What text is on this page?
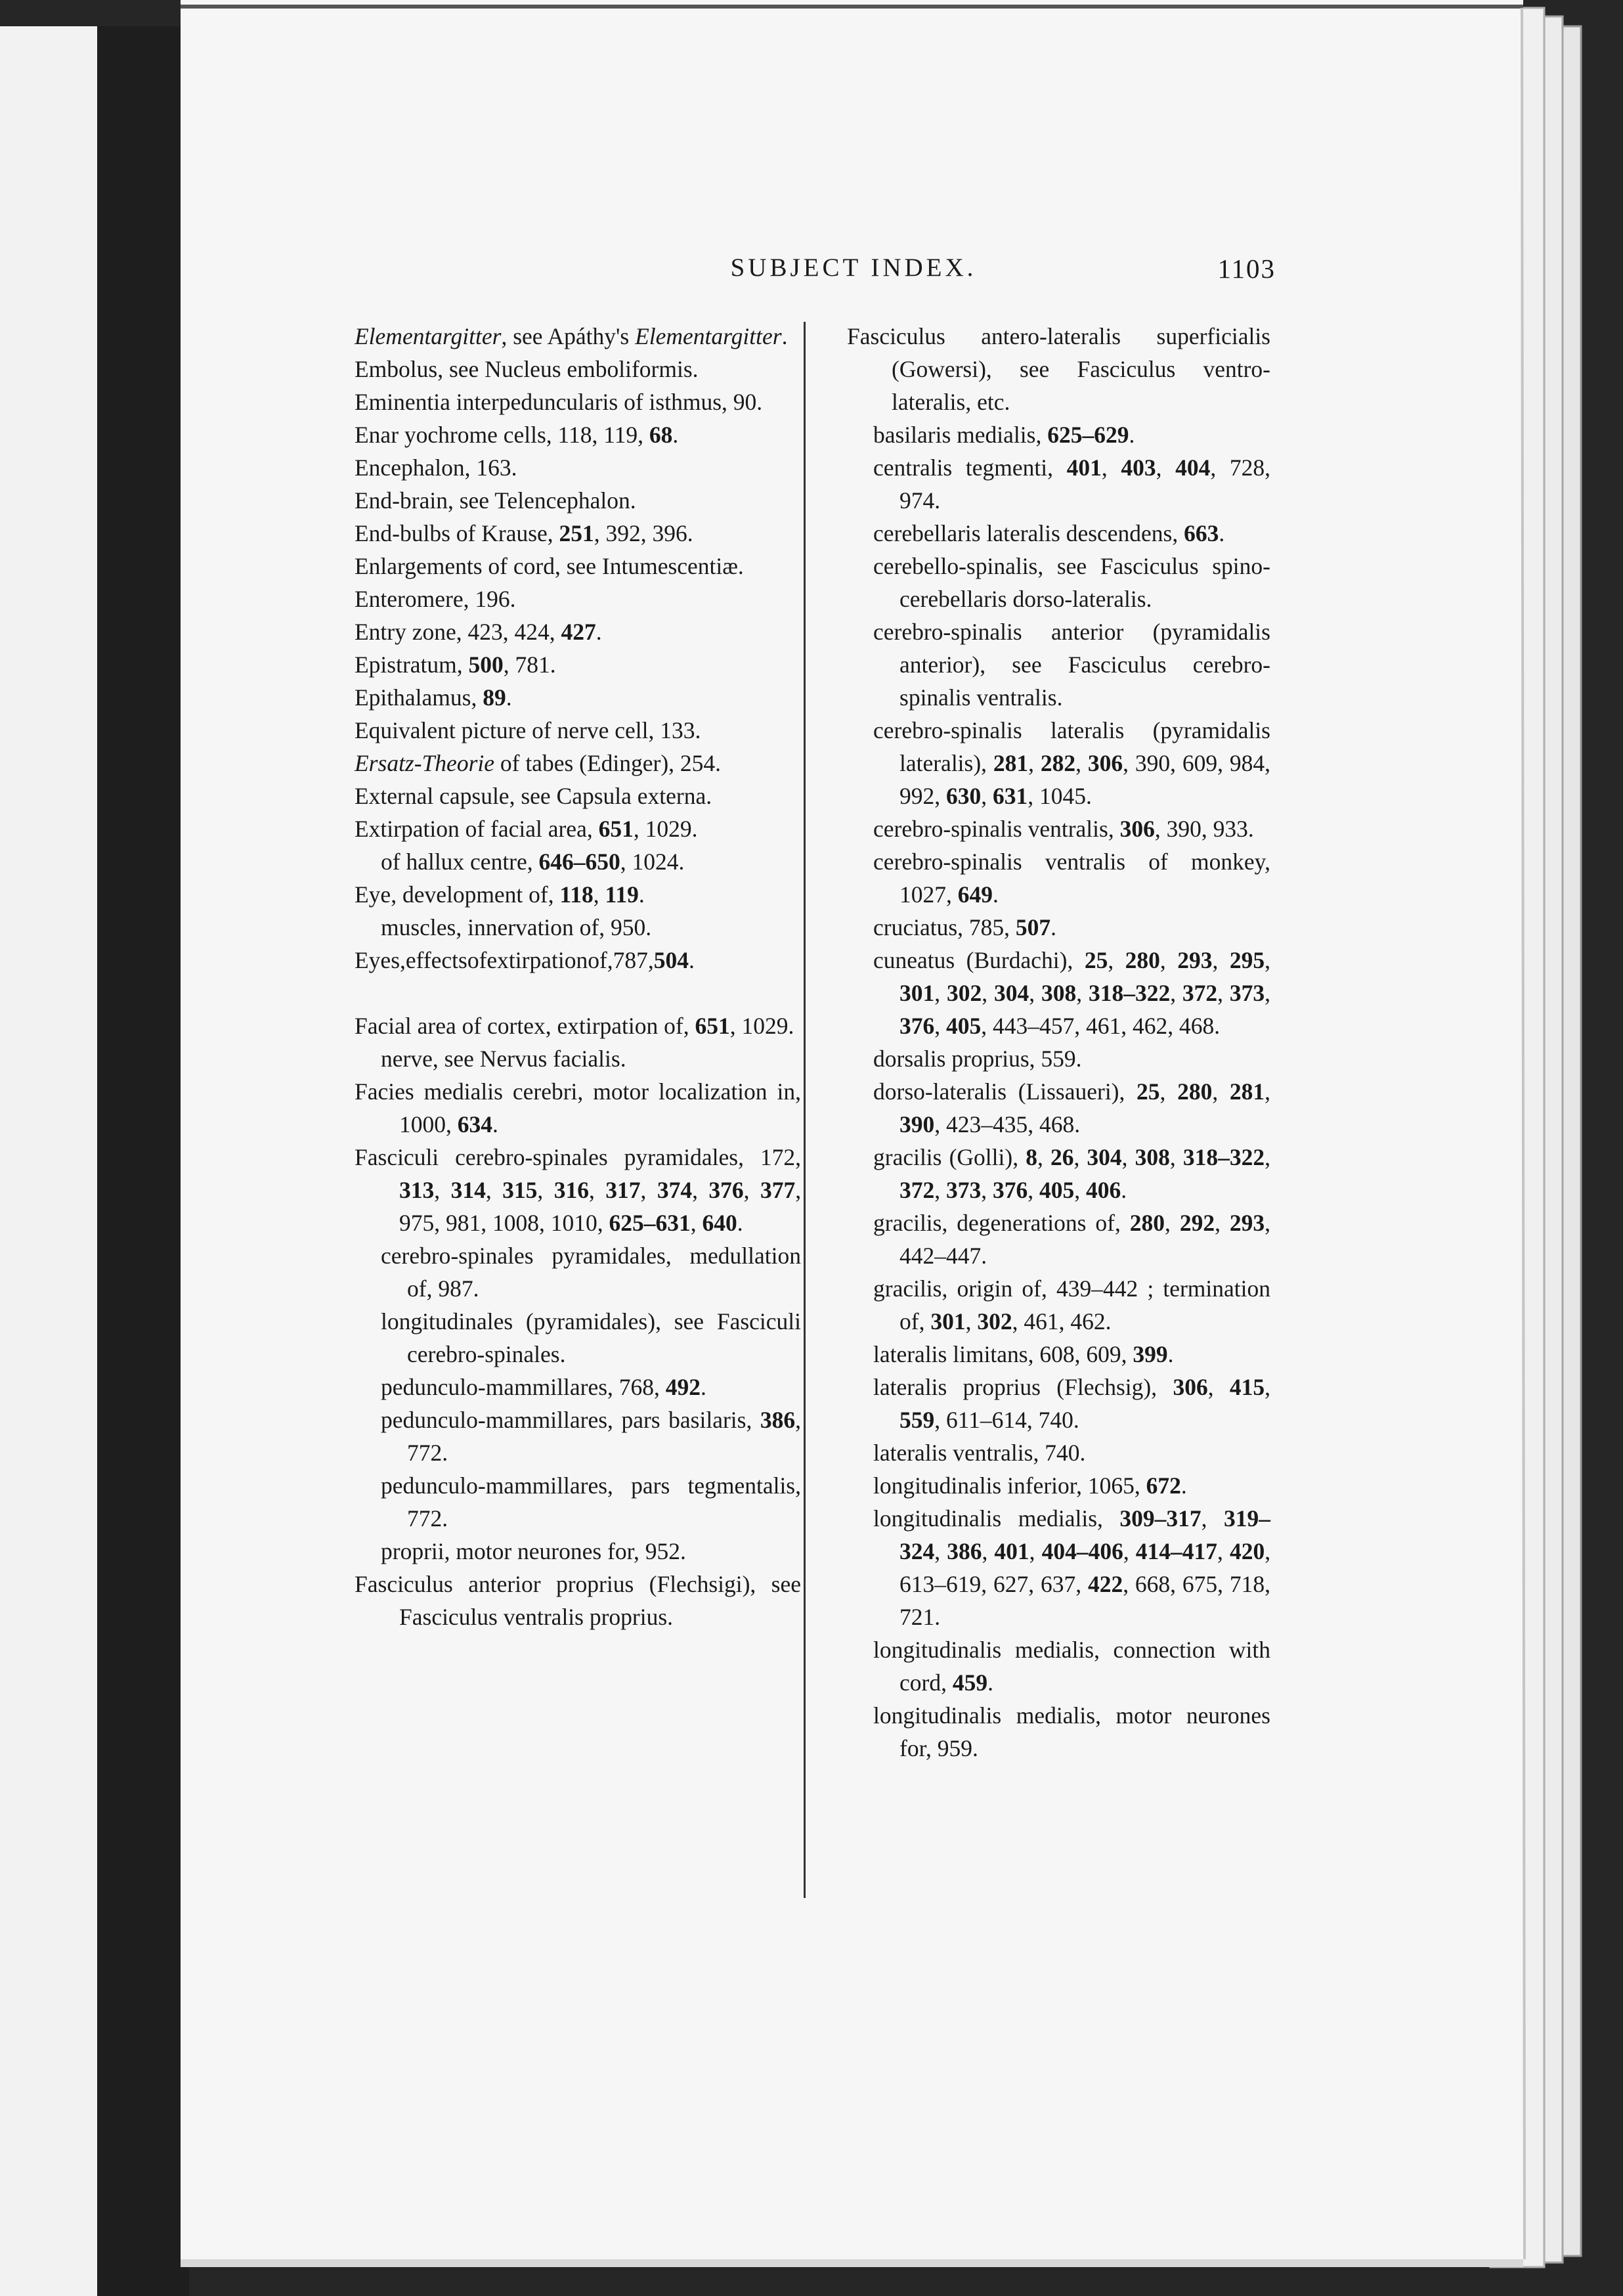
SUBJECT INDEX.	1103

Elementargitter, see Apáthy's Elementargitter.

Embolus, see Nucleus emboliformis.

Eminentia interpeduncularis of isthmus, 90.

Enar yochrome cells, 118, 119, 68.

Encephalon, 163.

End-brain, see Telencephalon.

End-bulbs of Krause, 251, 392, 396.

Enlargements of cord, see Intumescentiæ.

Enteromere, 196.

Entry zone, 423, 424, 427.

Epistratum, 500, 781.

Epithalamus, 89.

Equivalent picture of nerve cell, 133.

Ersatz-Theorie of tabes (Edinger), 254.

External capsule, see Capsula externa.

Extirpation of facial area, 651, 1029.

of hallux centre, 646–650, 1024.

Eye, development of, 118, 119.

muscles, innervation of, 950.

Eyes,effectsofextirpationof,787,504.

Facial area of cortex, extirpation of, 651, 1029.

nerve, see Nervus facialis.

Facies medialis cerebri, motor localization in, 1000, 634.

Fasciculi cerebro-spinales pyramidales, 172, 313, 314, 315, 316, 317, 374, 376, 377, 975, 981, 1008, 1010, 625–631, 640.

cerebro-spinales pyramidales, medullation of, 987.

longitudinales (pyramidales), see Fasciculi cerebro-spinales.

pedunculo-mammillares, 768, 492.

pedunculo-mammillares, pars basilaris, 386, 772.

pedunculo-mammillares, pars tegmentalis, 772.

proprii, motor neurones for, 952.

Fasciculus anterior proprius (Flechsigi), see Fasciculus ventralis proprius.

Fasciculus antero-lateralis superficialis (Gowersi), see Fasciculus ventro-lateralis, etc.

basilaris medialis, 625–629.

centralis tegmenti, 401, 403, 404, 728, 974.

cerebellaris lateralis descendens, 663.

cerebello-spinalis, see Fasciculus spino-cerebellaris dorso-lateralis.

cerebro-spinalis anterior (pyramidalis anterior), see Fasciculus cerebro-spinalis ventralis.

cerebro-spinalis lateralis (pyramidalis lateralis), 281, 282, 306, 390, 609, 984, 992, 630, 631, 1045.

cerebro-spinalis ventralis, 306, 390, 933.

cerebro-spinalis ventralis of monkey, 1027, 649.

cruciatus, 785, 507.

cuneatus (Burdachi), 25, 280, 293, 295, 301, 302, 304, 308, 318–322, 372, 373, 376, 405, 443–457, 461, 462, 468.

dorsalis proprius, 559.

dorso-lateralis (Lissaueri), 25, 280, 281, 390, 423–435, 468.

gracilis (Golli), 8, 26, 304, 308, 318–322, 372, 373, 376, 405, 406.

gracilis, degenerations of, 280, 292, 293, 442–447.

gracilis, origin of, 439–442 ; termination of, 301, 302, 461, 462.

lateralis limitans, 608, 609, 399.

lateralis proprius (Flechsig), 306, 415, 559, 611–614, 740.

lateralis ventralis, 740.

longitudinalis inferior, 1065, 672.

longitudinalis medialis, 309–317, 319–324, 386, 401, 404–406, 414–417, 420, 613–619, 627, 637, 422, 668, 675, 718, 721.

longitudinalis medialis, connection with cord, 459.

longitudinalis medialis, motor neurones for, 959.
